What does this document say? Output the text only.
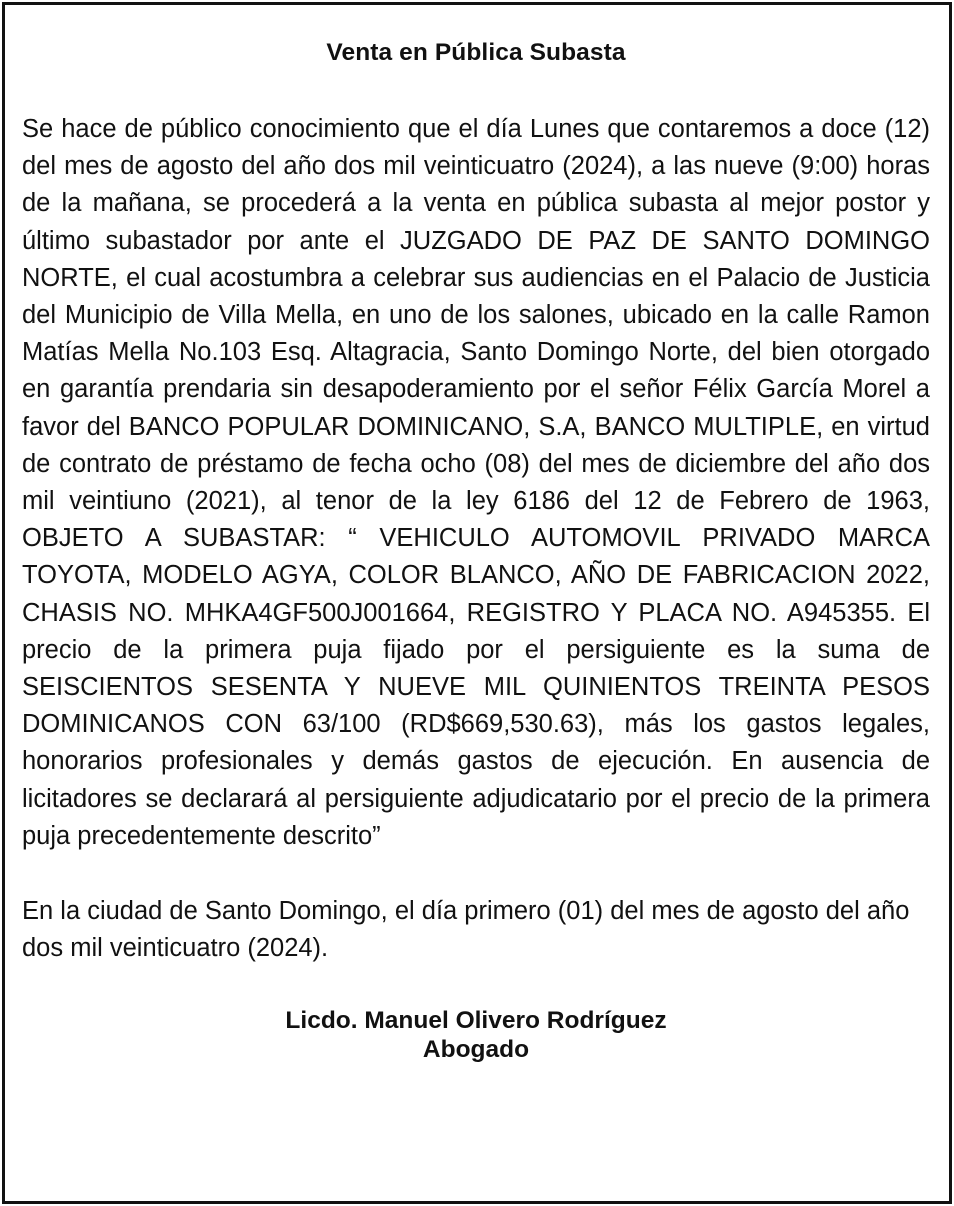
Venta en Pública Subasta

Se hace de público conocimiento que el día Lunes que contaremos a doce (12) del mes de agosto del año dos mil veinticuatro (2024), a las nueve (9:00) horas de la mañana, se procederá a la venta en pública subasta al mejor postor y último subastador por ante el JUZGADO DE PAZ DE SANTO DOMINGO NORTE, el cual acostumbra a celebrar sus audiencias en el Palacio de Justicia del Municipio de Villa Mella, en uno de los salones, ubicado en la calle Ramon Matías Mella No.103 Esq. Altagracia, Santo Domingo Norte, del bien otorgado en garantía prendaria sin desapoderamiento por el señor Félix García Morel a favor del BANCO POPULAR DOMINICANO, S.A, BANCO MULTIPLE, en virtud de contrato de préstamo de fecha ocho (08) del mes de diciembre del año dos mil veintiuno (2021), al tenor de la ley 6186 del 12 de Febrero de 1963, OBJETO A SUBASTAR: “ VEHICULO AUTOMOVIL PRIVADO MARCA TOYOTA, MODELO AGYA, COLOR BLANCO, AÑO DE FABRICACION 2022, CHASIS NO. MHKA4GF500J001664, REGISTRO Y PLACA NO. A945355. El precio de la primera puja fijado por el persiguiente es la suma de SEISCIENTOS SESENTA Y NUEVE MIL QUINIENTOS TREINTA PESOS DOMINICANOS CON 63/100 (RD$669,530.63), más los gastos legales, honorarios profesionales y demás gastos de ejecución. En ausencia de licitadores se declarará al persiguiente adjudicatario por el precio de la primera puja precedentemente descrito”

En la ciudad de Santo Domingo, el día primero (01) del mes de agosto del año dos mil veinticuatro (2024).

Licdo. Manuel Olivero Rodríguez
Abogado
